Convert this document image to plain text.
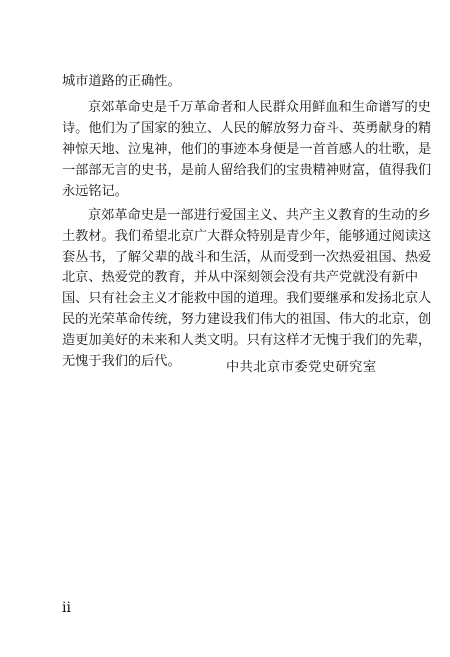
城市道路的正确性。
京郊革命史是千万革命者和人民群众用鲜血和生命谱写的史
诗。他们为了国家的独立、人民的解放努力奋斗、英勇献身的精
神惊天地、泣鬼神，他们的事迹本身便是一首首感人的壮歌，是
一部部无言的史书，是前人留给我们的宝贵精神财富，值得我们
永远铭记。
ii
京郊革命史是一部进行爱国主义、共产主义教育的生动的乡
土教材。我们希望北京广大群众特别是青少年，能够通过阅读这
套丛书，了解父辈的战斗和生活，从而受到一次热爱祖国、热爱
北京、热爱党的教育，并从中深刻领会没有共产党就没有新中
国、只有社会主义才能救中国的道理。我们要继承和发扬北京人
民的光荣革命传统，努力建设我们伟大的祖国、伟大的北京，创
造更加美好的未来和人类文明。只有这样才无愧于我们的先辈，
无愧于我们的后代。	中共北京市委党史研究室
